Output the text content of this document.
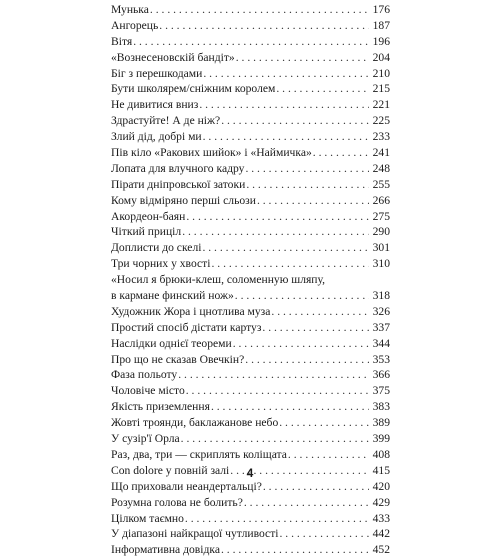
Мунька . . .	176
Ангорець . . .	187
Вітя . . .	196
«Вознесеновскій бандіт» . . .	204
Біг з перешкодами . . .	210
Бути школярем/сніжним королем . . .	215
Не дивитися вниз . . .	221
Здрастуйте! А де ніж? . . .	225
Злий дід, добрі ми . . .	233
Пів кіло «Ракових шийок» і «Наймичка» . . .	241
Лопата для влучного кадру . . .	248
Пірати дніпровської затоки . . .	255
Кому відміряно перші сльози . . .	266
Акордеон-баян . . .	275
Чіткий приціл . . .	290
Доплисти до скелі . . .	301
Три чорних у хвості . . .	310
«Носил я брюки-клеш, соломенную шляпу,
в кармане финский нож» . . .	318
Художник Жора і цнотлива муза . . .	326
Простий спосіб дістати картуз . . .	337
Наслідки однієї теореми . . .	344
Про що не сказав Овечкін? . . .	353
Фаза польоту . . .	366
Чоловіче місто . . .	375
Якість приземлення . . .	383
Жовті троянди, баклажанове небо . . .	389
У сузір'ї Орла . . .	399
Раз, два, три — скриплять коліщата . . .	408
Con dolore у повній залі . . .	415
Що приховали неандертальці? . . .	420
Розумна голова не болить? . . .	429
Цілком таємно . . .	433
У діапазоні найкращої чутливості . . .	442
Інформативна довідка . . .	452
4
